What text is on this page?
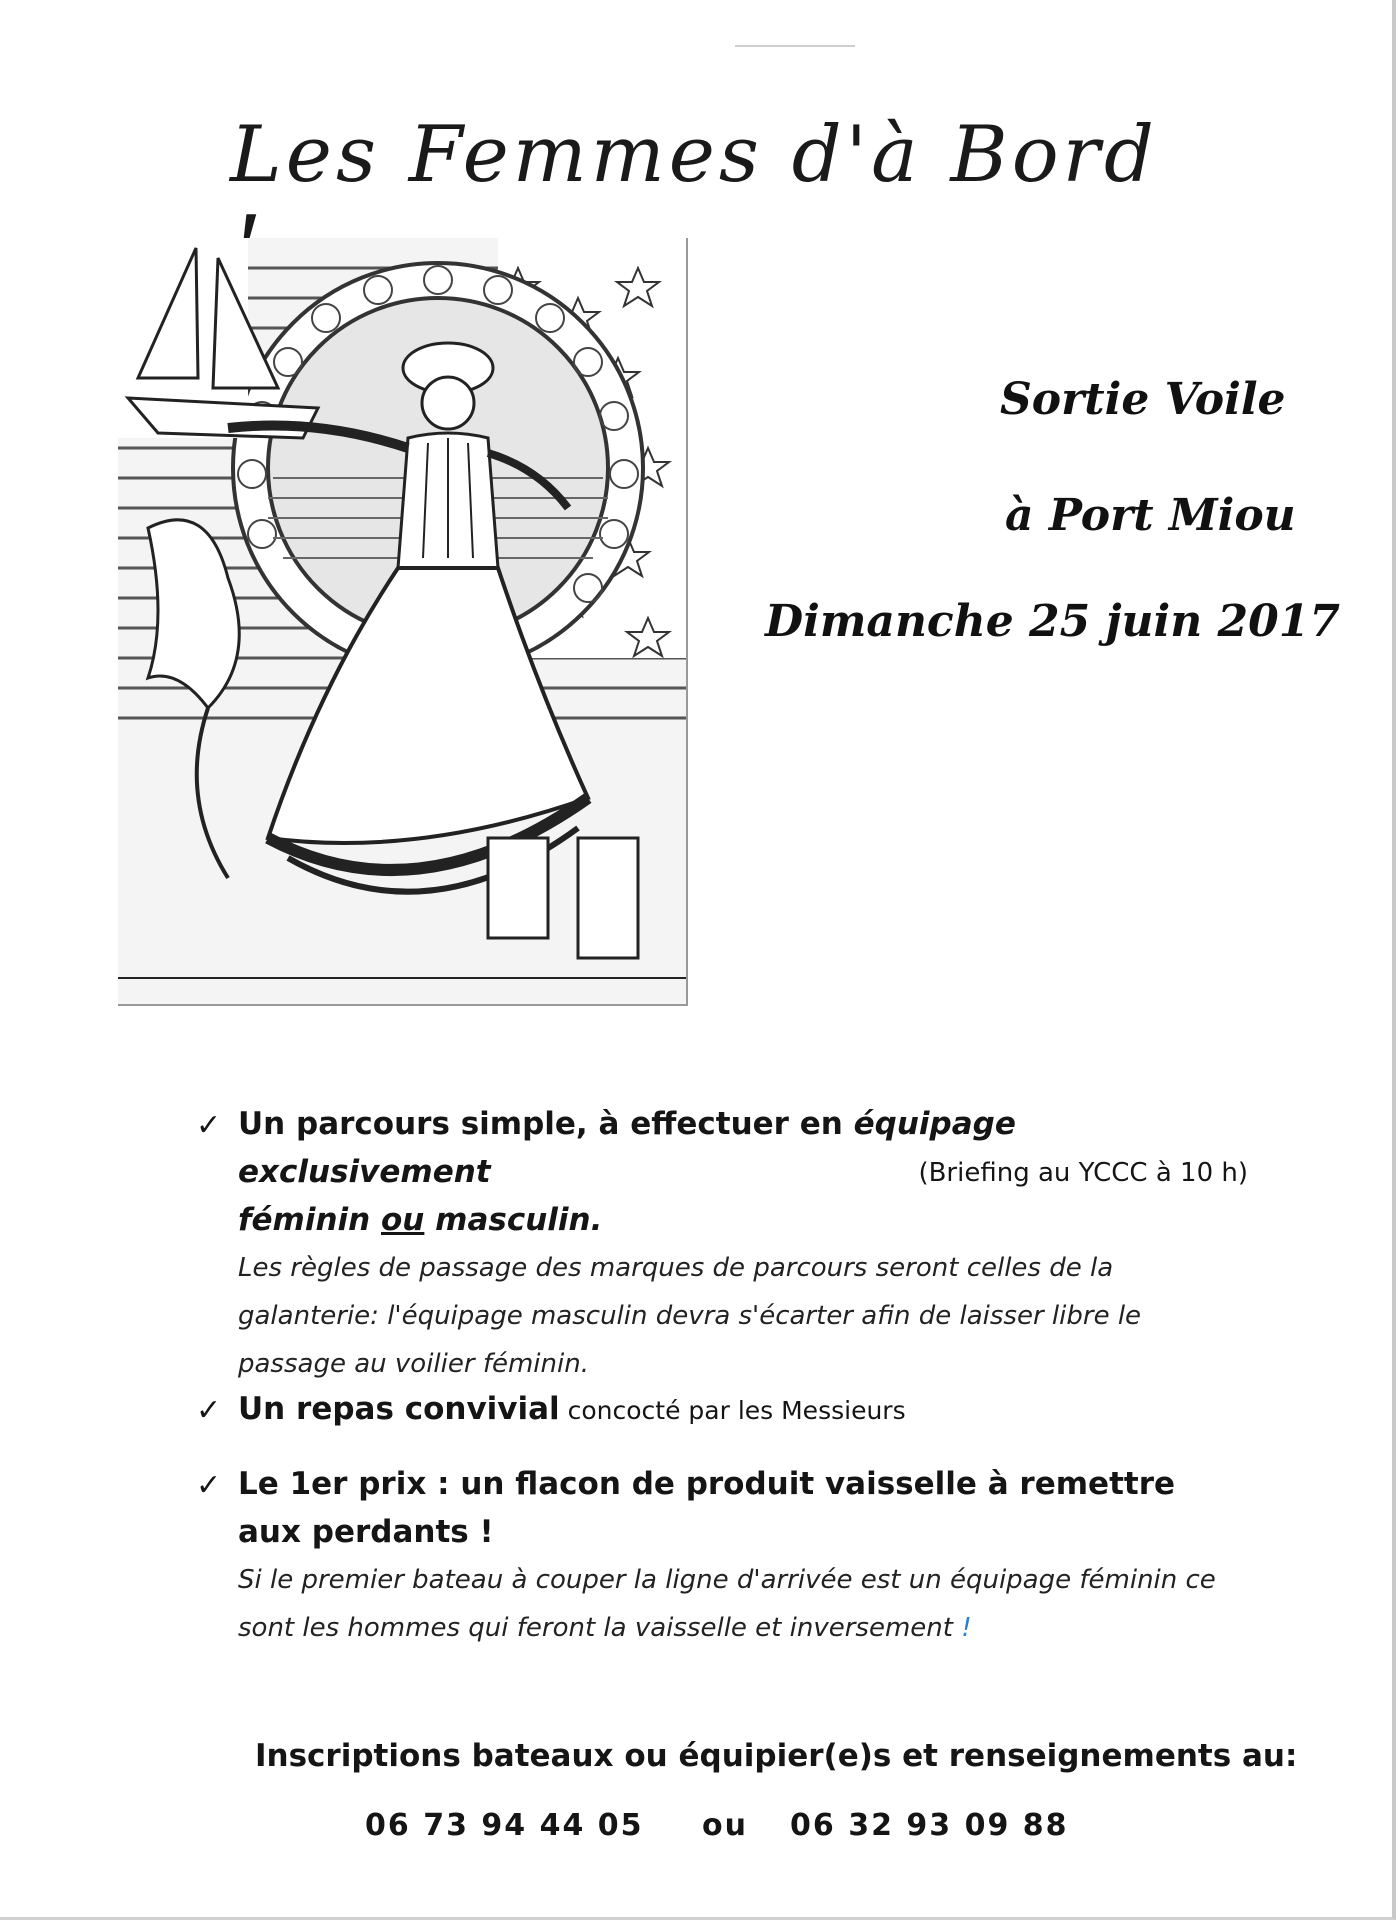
Les Femmes d'à Bord
Sortie Voile
à Port Miou
Dimanche 25 juin 2017
✓ Un parcours simple, à effectuer en équipage exclusivement
féminin ou masculin.
(Briefing au YCCC à 10 h)
Les règles de passage des marques de parcours seront celles de la galanterie: l'équipage masculin devra s'écarter afin de laisser libre le passage au voilier féminin.
✓ Un repas convivial concocté par les Messieurs
✓ Le 1er prix : un flacon de produit vaisselle à remettre aux perdants !
Si le premier bateau à couper la ligne d'arrivée est un équipage féminin ce sont les hommes qui feront la vaisselle et inversement !
Inscriptions bateaux ou équipier(e)s et renseignements au:
06 73 94 44 05 ou 06 32 93 09 88
